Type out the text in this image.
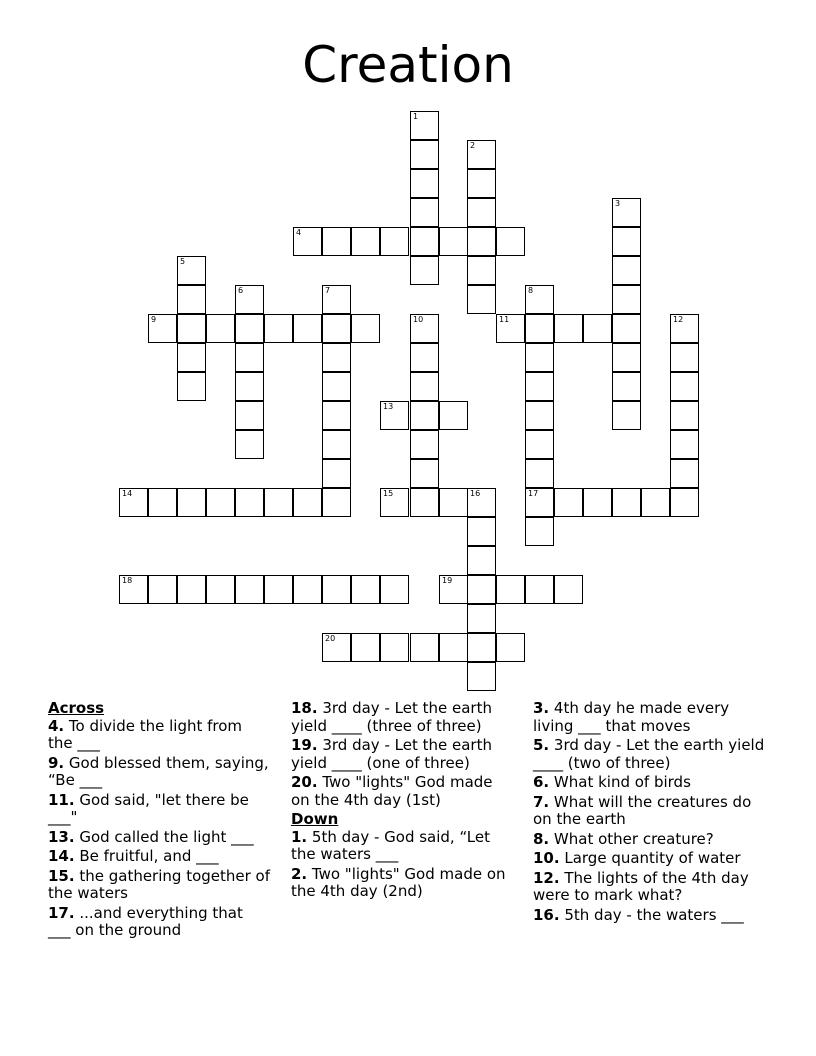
Creation
1
2
3
4
5
6	7	8
17
9	10	11	12
13
14	15	16
18	19
20
Across
4. To divide the light from the ___
9. God blessed them, saying, “Be ___
11. God said, "let there be ___"
13. God called the light ___
14. Be fruitful, and ___
15. the gathering together of the waters
17. ...and everything that ___ on the ground
18. 3rd day - Let the earth yield ____ (three of three)
19. 3rd day - Let the earth yield ____ (one of three)
20. Two "lights" God made on the 4th day (1st)
Down
1. 5th day - God said, “Let the waters ___
2. Two "lights" God made on the 4th day (2nd)
3. 4th day he made every living ___ that moves
5. 3rd day - Let the earth yield ____ (two of three)
6. What kind of birds
7. What will the creatures do on the earth
8. What other creature?
10. Large quantity of water
12. The lights of the 4th day were to mark what?
16. 5th day - the waters ___
